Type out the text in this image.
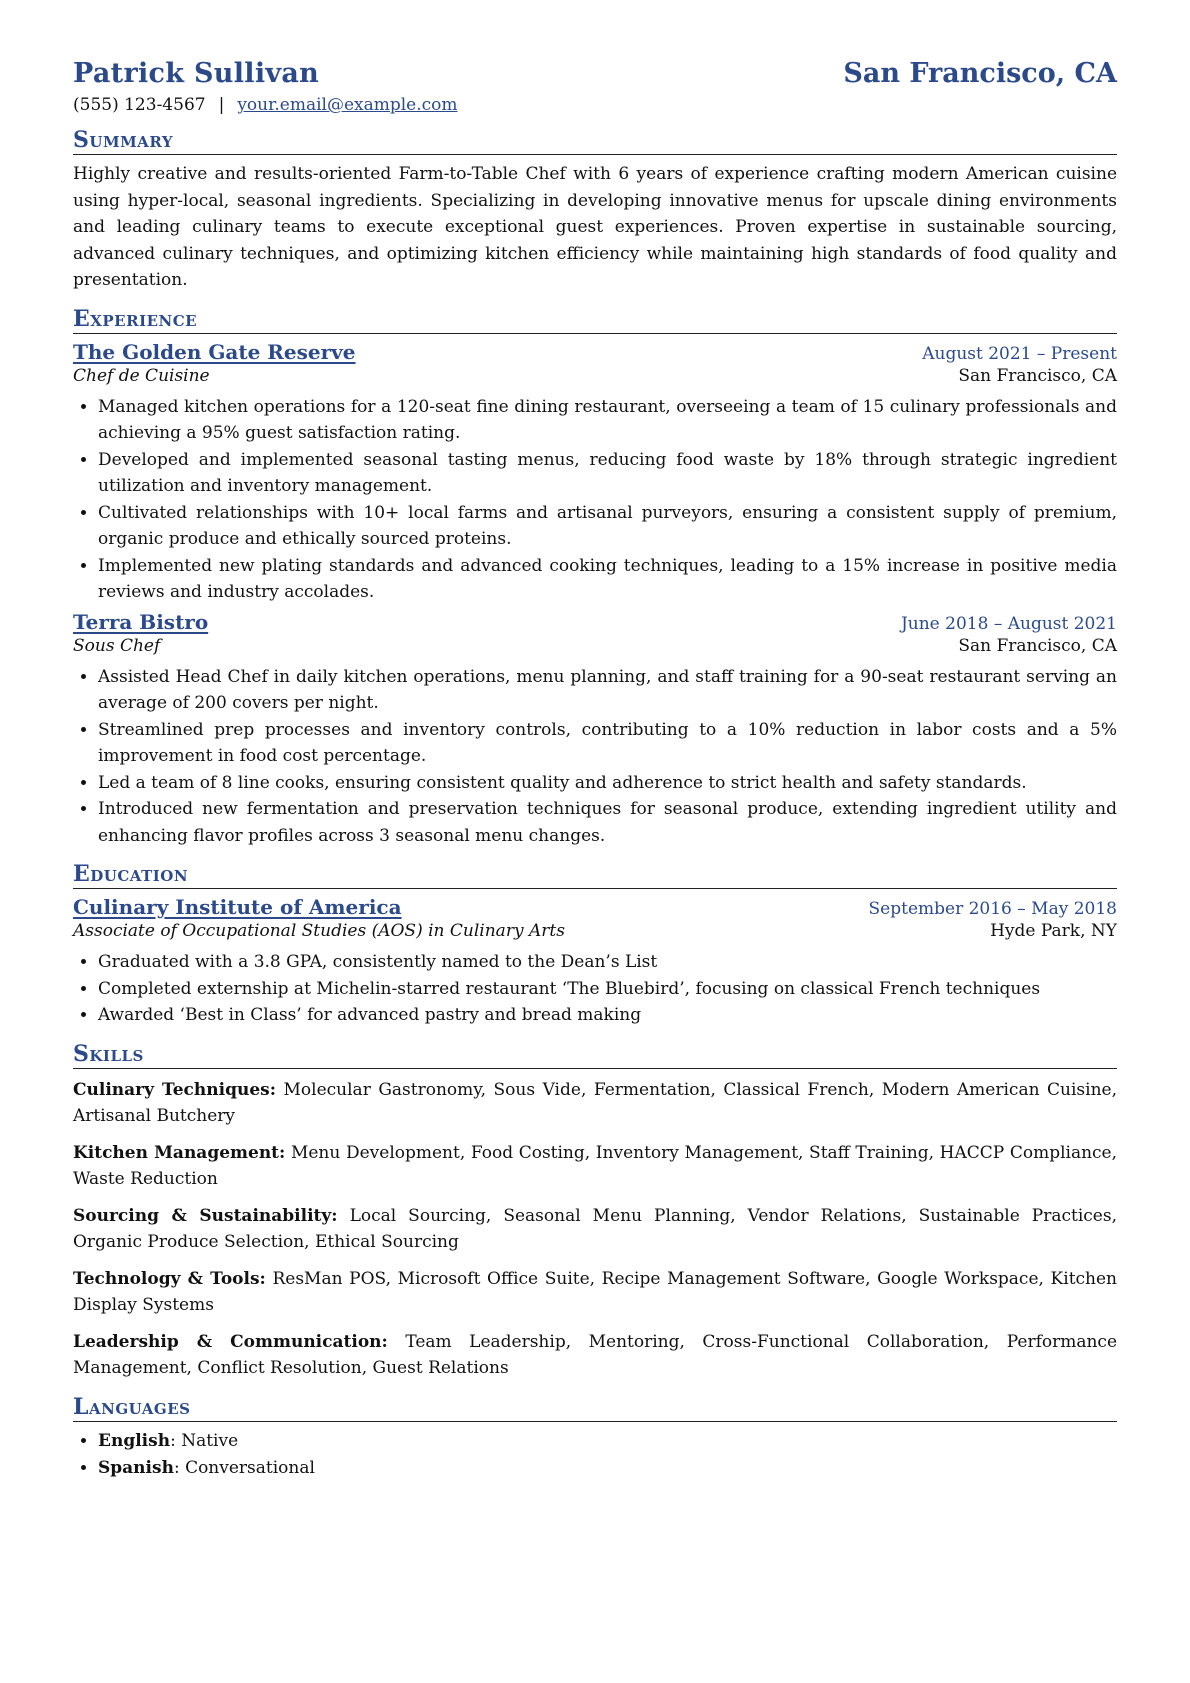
Patrick Sullivan	San Francisco, CA
(555) 123-4567 | your.email@example.com
Summary
Highly creative and results-oriented Farm-to-Table Chef with 6 years of experience crafting modern American cuisine using hyper-local, seasonal ingredients. Specializing in developing innovative menus for upscale dining environments and leading culinary teams to execute exceptional guest experiences. Proven expertise in sustainable sourcing, advanced culinary techniques, and optimizing kitchen efficiency while maintaining high standards of food quality and presentation.
Experience
The Golden Gate Reserve	August 2021 – Present
Chef de Cuisine	San Francisco, CA
• Managed kitchen operations for a 120-seat fine dining restaurant, overseeing a team of 15 culinary professionals and achieving a 95% guest satisfaction rating.
• Developed and implemented seasonal tasting menus, reducing food waste by 18% through strategic ingredient utilization and inventory management.
• Cultivated relationships with 10+ local farms and artisanal purveyors, ensuring a consistent supply of premium, organic produce and ethically sourced proteins.
• Implemented new plating standards and advanced cooking techniques, leading to a 15% increase in positive media reviews and industry accolades.
Terra Bistro	June 2018 – August 2021
Sous Chef	San Francisco, CA
• Assisted Head Chef in daily kitchen operations, menu planning, and staff training for a 90-seat restaurant serving an average of 200 covers per night.
• Streamlined prep processes and inventory controls, contributing to a 10% reduction in labor costs and a 5% improvement in food cost percentage.
• Led a team of 8 line cooks, ensuring consistent quality and adherence to strict health and safety standards.
• Introduced new fermentation and preservation techniques for seasonal produce, extending ingredient utility and enhancing flavor profiles across 3 seasonal menu changes.
Education
Culinary Institute of America	September 2016 – May 2018
Associate of Occupational Studies (AOS) in Culinary Arts	Hyde Park, NY
• Graduated with a 3.8 GPA, consistently named to the Dean’s List
• Completed externship at Michelin-starred restaurant ‘The Bluebird’, focusing on classical French techniques
• Awarded ‘Best in Class’ for advanced pastry and bread making
Skills
Culinary Techniques: Molecular Gastronomy, Sous Vide, Fermentation, Classical French, Modern American Cuisine, Artisanal Butchery
Kitchen Management: Menu Development, Food Costing, Inventory Management, Staff Training, HACCP Compliance, Waste Reduction
Sourcing & Sustainability: Local Sourcing, Seasonal Menu Planning, Vendor Relations, Sustainable Practices, Organic Produce Selection, Ethical Sourcing
Technology & Tools: ResMan POS, Microsoft Office Suite, Recipe Management Software, Google Workspace, Kitchen Display Systems
Leadership & Communication: Team Leadership, Mentoring, Cross-Functional Collaboration, Performance Management, Conflict Resolution, Guest Relations
Languages
• English: Native
• Spanish: Conversational
